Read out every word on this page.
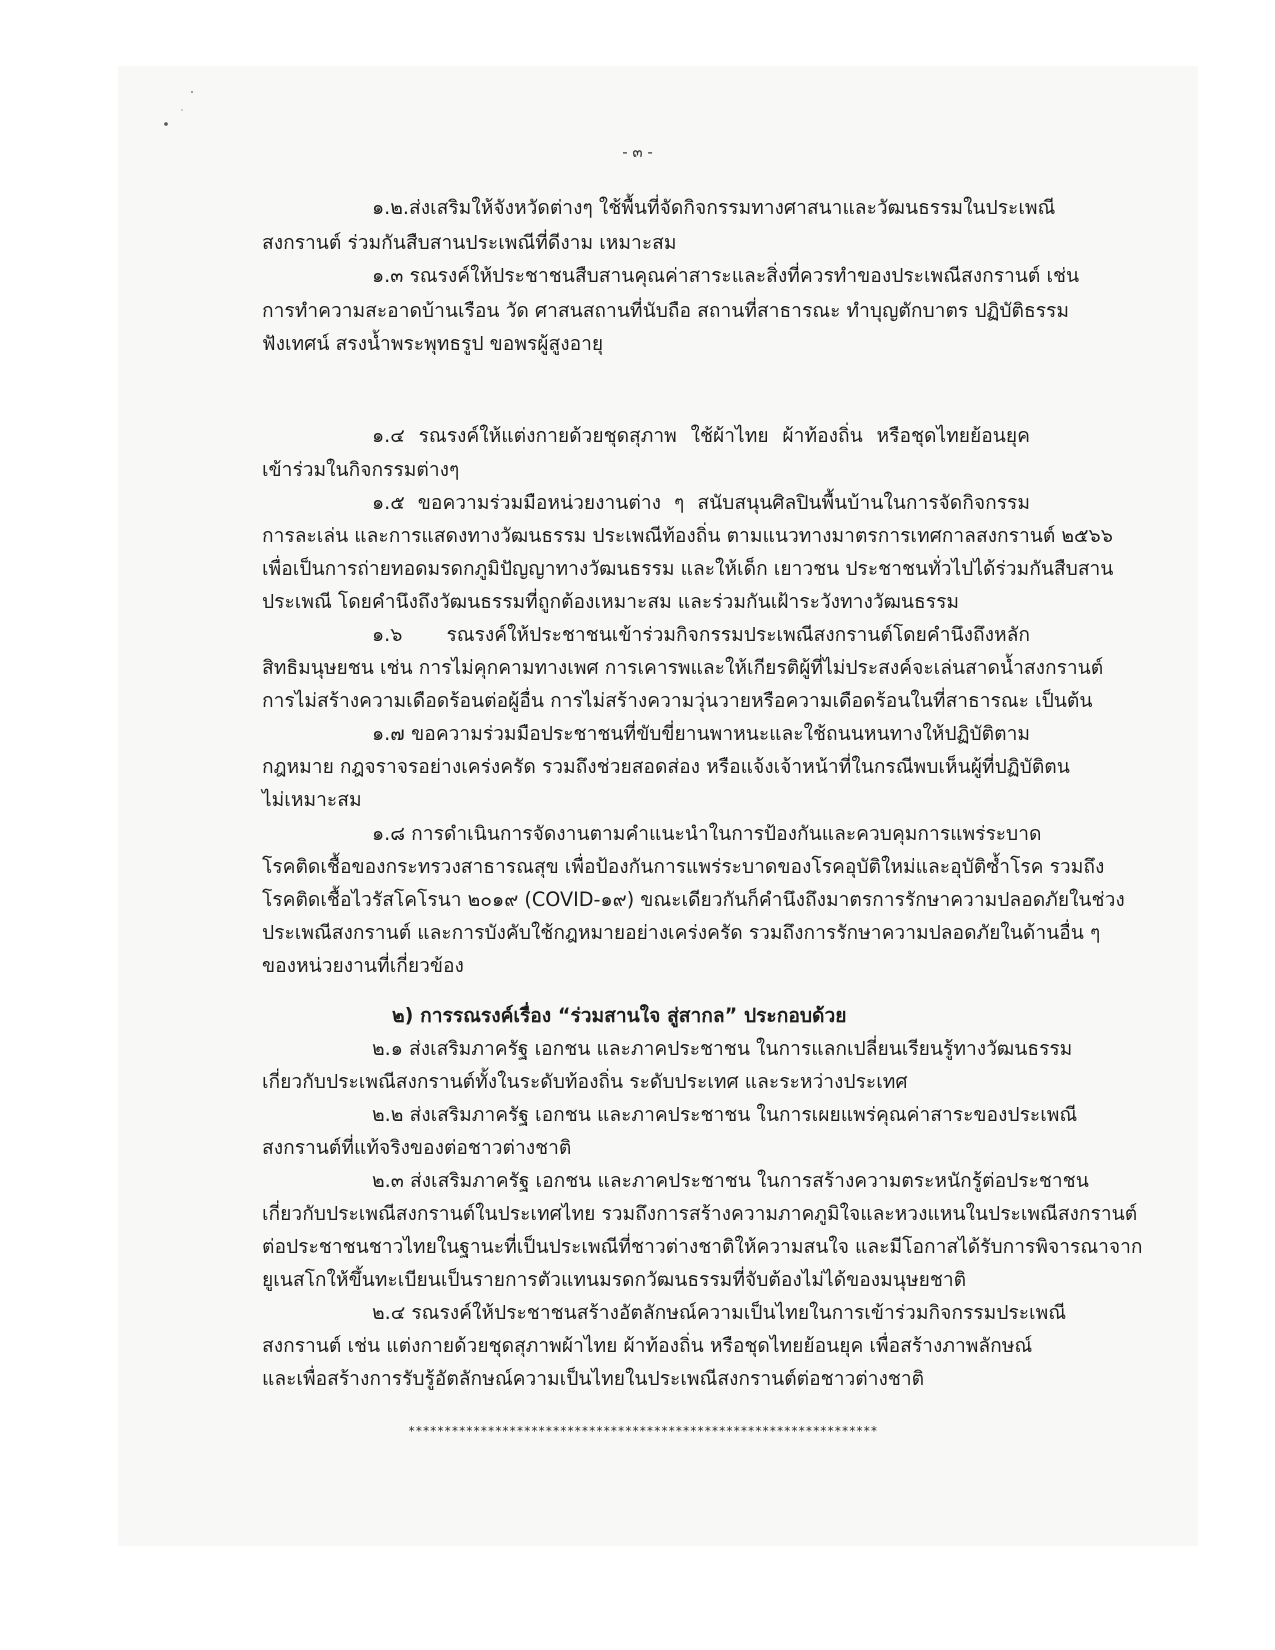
- ๓ -
๑.๒.ส่งเสริมให้จังหวัดต่างๆ ใช้พื้นที่จัดกิจกรรมทางศาสนาและวัฒนธรรมในประเพณี
สงกรานต์ ร่วมกันสืบสานประเพณีที่ดีงาม เหมาะสม
๑.๓ รณรงค์ให้ประชาชนสืบสานคุณค่าสาระและสิ่งที่ควรทำของประเพณีสงกรานต์ เช่น
การทำความสะอาดบ้านเรือน วัด ศาสนสถานที่นับถือ สถานที่สาธารณะ ทำบุญตักบาตร ปฏิบัติธรรม
ฟังเทศน์ สรงน้ำพระพุทธรูป ขอพรผู้สูงอายุ
๑.๔ รณรงค์ให้แต่งกายด้วยชุดสุภาพ ใช้ผ้าไทย ผ้าท้องถิ่น หรือชุดไทยย้อนยุค
เข้าร่วมในกิจกรรมต่างๆ
๑.๕ ขอความร่วมมือหน่วยงานต่าง ๆ สนับสนุนศิลปินพื้นบ้านในการจัดกิจกรรม
การละเล่น และการแสดงทางวัฒนธรรม ประเพณีท้องถิ่น ตามแนวทางมาตรการเทศกาลสงกรานต์ ๒๕๖๖
เพื่อเป็นการถ่ายทอดมรดกภูมิปัญญาทางวัฒนธรรม และให้เด็ก เยาวชน ประชาชนทั่วไปได้ร่วมกันสืบสาน
ประเพณี โดยคำนึงถึงวัฒนธรรมที่ถูกต้องเหมาะสม และร่วมกันเฝ้าระวังทางวัฒนธรรม
๑.๖ รณรงค์ให้ประชาชนเข้าร่วมกิจกรรมประเพณีสงกรานต์โดยคำนึงถึงหลัก
สิทธิมนุษยชน เช่น การไม่คุกคามทางเพศ การเคารพและให้เกียรติผู้ที่ไม่ประสงค์จะเล่นสาดน้ำสงกรานต์
การไม่สร้างความเดือดร้อนต่อผู้อื่น การไม่สร้างความวุ่นวายหรือความเดือดร้อนในที่สาธารณะ เป็นต้น
๑.๗ ขอความร่วมมือประชาชนที่ขับขี่ยานพาหนะและใช้ถนนหนทางให้ปฏิบัติตาม
กฎหมาย กฎจราจรอย่างเคร่งครัด รวมถึงช่วยสอดส่อง หรือแจ้งเจ้าหน้าที่ในกรณีพบเห็นผู้ที่ปฏิบัติตน
ไม่เหมาะสม
๑.๘ การดำเนินการจัดงานตามคำแนะนำในการป้องกันและควบคุมการแพร่ระบาด
โรคติดเชื้อของกระทรวงสาธารณสุข เพื่อป้องกันการแพร่ระบาดของโรคอุบัติใหม่และอุบัติซ้ำโรค รวมถึง
โรคติดเชื้อไวรัสโคโรนา ๒๐๑๙ (COVID-๑๙) ขณะเดียวกันก็คำนึงถึงมาตรการรักษาความปลอดภัยในช่วง
ประเพณีสงกรานต์ และการบังคับใช้กฎหมายอย่างเคร่งครัด รวมถึงการรักษาความปลอดภัยในด้านอื่น ๆ
ของหน่วยงานที่เกี่ยวข้อง
๒) การรณรงค์เรื่อง “ร่วมสานใจ สู่สากล” ประกอบด้วย
๒.๑ ส่งเสริมภาครัฐ เอกชน และภาคประชาชน ในการแลกเปลี่ยนเรียนรู้ทางวัฒนธรรม
เกี่ยวกับประเพณีสงกรานต์ทั้งในระดับท้องถิ่น ระดับประเทศ และระหว่างประเทศ
๒.๒ ส่งเสริมภาครัฐ เอกชน และภาคประชาชน ในการเผยแพร่คุณค่าสาระของประเพณี
สงกรานต์ที่แท้จริงของต่อชาวต่างชาติ
๒.๓ ส่งเสริมภาครัฐ เอกชน และภาคประชาชน ในการสร้างความตระหนักรู้ต่อประชาชน
เกี่ยวกับประเพณีสงกรานต์ในประเทศไทย รวมถึงการสร้างความภาคภูมิใจและหวงแหนในประเพณีสงกรานต์
ต่อประชาชนชาวไทยในฐานะที่เป็นประเพณีที่ชาวต่างชาติให้ความสนใจ และมีโอกาสได้รับการพิจารณาจาก
ยูเนสโกให้ขึ้นทะเบียนเป็นรายการตัวแทนมรดกวัฒนธรรมที่จับต้องไม่ได้ของมนุษยชาติ
๒.๔ รณรงค์ให้ประชาชนสร้างอัตลักษณ์ความเป็นไทยในการเข้าร่วมกิจกรรมประเพณี
สงกรานต์ เช่น แต่งกายด้วยชุดสุภาพผ้าไทย ผ้าท้องถิ่น หรือชุดไทยย้อนยุค เพื่อสร้างภาพลักษณ์
และเพื่อสร้างการรับรู้อัตลักษณ์ความเป็นไทยในประเพณีสงกรานต์ต่อชาวต่างชาติ
*****************************************************************
